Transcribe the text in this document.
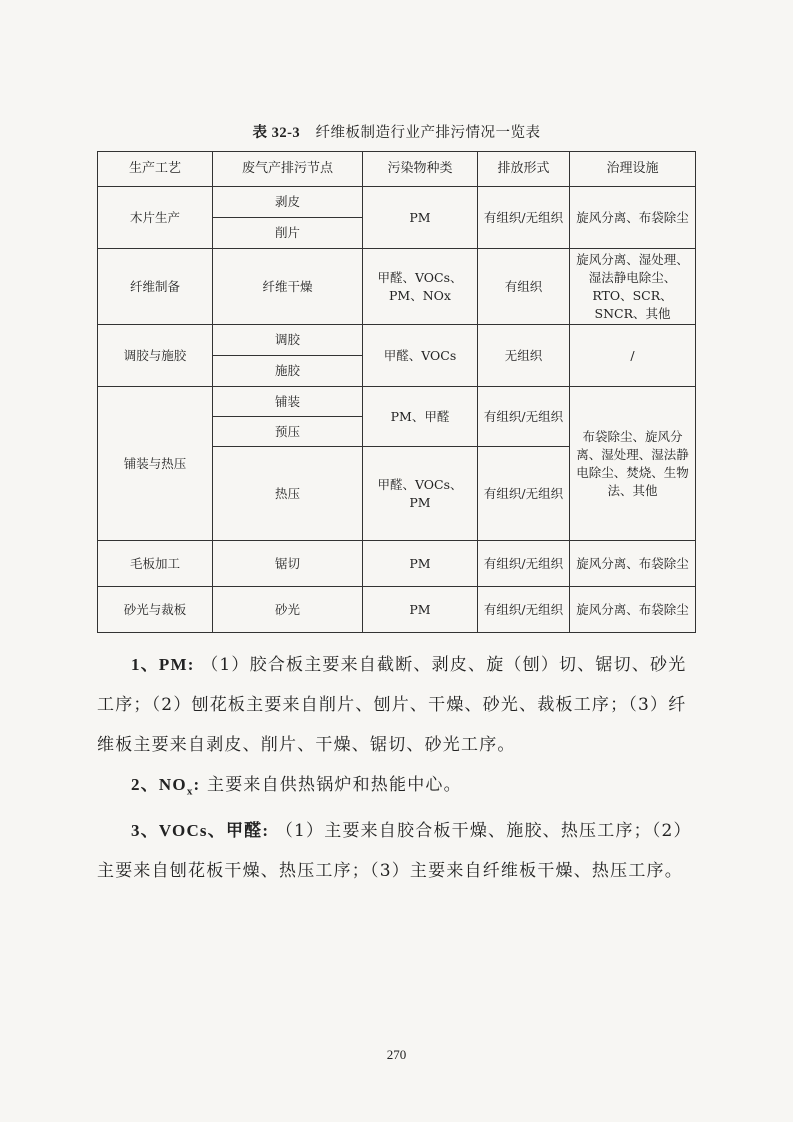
表 32-3 纤维板制造行业产排污情况一览表
生产工艺	废气产排污节点	污染物种类	排放形式	治理设施
木片生产	剥皮	PM	有组织/无组织	旋风分离、布袋除尘
	削片			
纤维制备	纤维干燥	甲醛、VOCs、PM、NOx	有组织	旋风分离、湿处理、湿法静电除尘、RTO、SCR、SNCR、其他
调胶与施胶	调胶	甲醛、VOCs	无组织	/
	施胶			
铺装与热压	铺装	PM、甲醛	有组织/无组织	布袋除尘、旋风分离、湿处理、湿法静电除尘、焚烧、生物法、其他
	预压			
	热压	甲醛、VOCs、PM	有组织/无组织	
毛板加工	锯切	PM	有组织/无组织	旋风分离、布袋除尘
砂光与裁板	砂光	PM	有组织/无组织	旋风分离、布袋除尘

1、PM: （1）胶合板主要来自截断、剥皮、旋（刨）切、锯切、砂光工序；（2）刨花板主要来自削片、刨片、干燥、砂光、裁板工序；（3）纤维板主要来自剥皮、削片、干燥、锯切、砂光工序。

2、$NO_x$: 主要来自供热锅炉和热能中心。

3、VOCs、甲醛: （1）主要来自胶合板干燥、施胶、热压工序；（2）主要来自刨花板干燥、热压工序；（3）主要来自纤维板干燥、热压工序。

270
